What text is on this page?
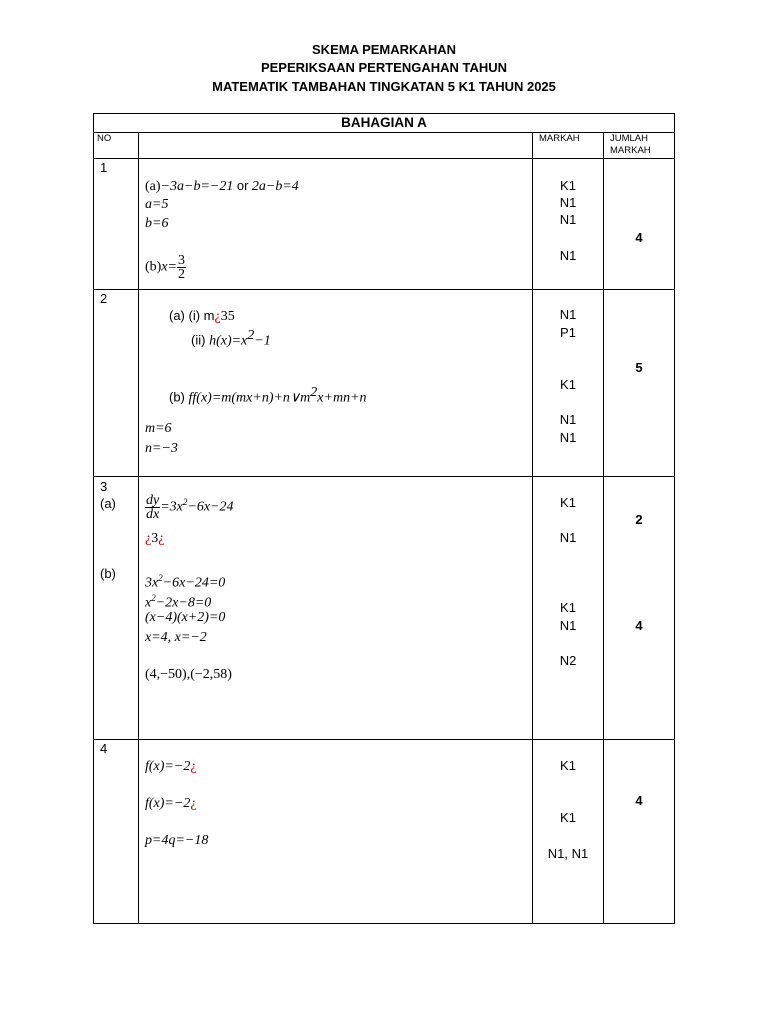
SKEMA PEMARKAHAN
PEPERIKSAAN PERTENGAHAN TAHUN
MATEMATIK TAMBAHAN TINGKATAN 5 K1 TAHUN 2025
BAHAGIAN A
NO	MARKAH	JUMLAH
MARKAH
1
(a)−3a−b=−21 or 2a−b=4
a=5
b=6
$(b)x= \frac{3}{2}$
K1
N1
N1
N1
4
2
(a) (i) m¿35
(ii) $h(x)=x^2-1$
(b) $ff(x)=m(mx+n)+n\vee m^2x+mn+n$
m=6
n=−3
N1
P1
K1
N1
N1
5
3
$(a) \frac{dy}{dx} =3x^2-6x-24$
¿3¿
(b)
$3x^2-6x-24=0$
$x^2-2x-8=0$
(x−4)(x+2)=0
x=4, x=−2
(4,−50),(−2,58)
K1
N1
2
K1
N1
N2
4
4
f(x)=−2¿
f(x)=−2¿
p=4q=−18
K1
K1
N1, N1
4
